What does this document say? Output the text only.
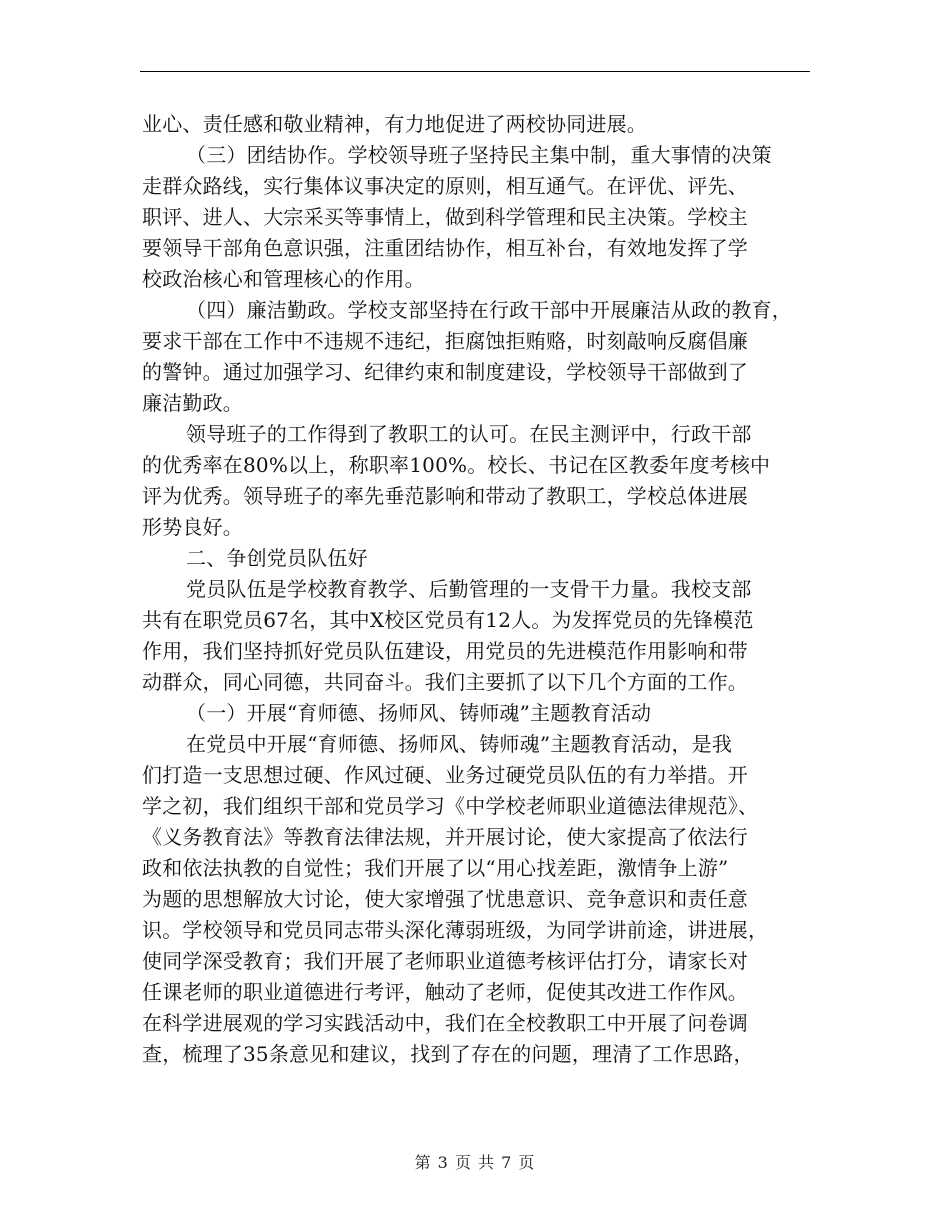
业心、责任感和敬业精神，有力地促进了两校协同进展。
（三）团结协作。学校领导班子坚持民主集中制，重大事情的决策
走群众路线，实行集体议事决定的原则，相互通气。在评优、评先、
职评、进人、大宗采买等事情上，做到科学管理和民主决策。学校主
要领导干部角色意识强，注重团结协作，相互补台，有效地发挥了学
校政治核心和管理核心的作用。
（四）廉洁勤政。学校支部坚持在行政干部中开展廉洁从政的教育，
要求干部在工作中不违规不违纪，拒腐蚀拒贿赂，时刻敲响反腐倡廉
的警钟。通过加强学习、纪律约束和制度建设，学校领导干部做到了
廉洁勤政。
领导班子的工作得到了教职工的认可。在民主测评中，行政干部
的优秀率在80%以上，称职率100%。校长、书记在区教委年度考核中
评为优秀。领导班子的率先垂范影响和带动了教职工，学校总体进展
形势良好。
二、争创党员队伍好
党员队伍是学校教育教学、后勤管理的一支骨干力量。我校支部
共有在职党员67名，其中X校区党员有12人。为发挥党员的先锋模范
作用，我们坚持抓好党员队伍建设，用党员的先进模范作用影响和带
动群众，同心同德，共同奋斗。我们主要抓了以下几个方面的工作。
（一）开展“育师德、扬师风、铸师魂”主题教育活动
在党员中开展“育师德、扬师风、铸师魂”主题教育活动，是我
们打造一支思想过硬、作风过硬、业务过硬党员队伍的有力举措。开
学之初，我们组织干部和党员学习《中学校老师职业道德法律规范》、
《义务教育法》等教育法律法规，并开展讨论，使大家提高了依法行
政和依法执教的自觉性；我们开展了以“用心找差距，激情争上游”
为题的思想解放大讨论，使大家增强了忧患意识、竞争意识和责任意
识。学校领导和党员同志带头深化薄弱班级，为同学讲前途，讲进展，
使同学深受教育；我们开展了老师职业道德考核评估打分，请家长对
任课老师的职业道德进行考评，触动了老师，促使其改进工作作风。
在科学进展观的学习实践活动中，我们在全校教职工中开展了问卷调
查，梳理了35条意见和建议，找到了存在的问题，理清了工作思路，
第 3 页 共 7 页
